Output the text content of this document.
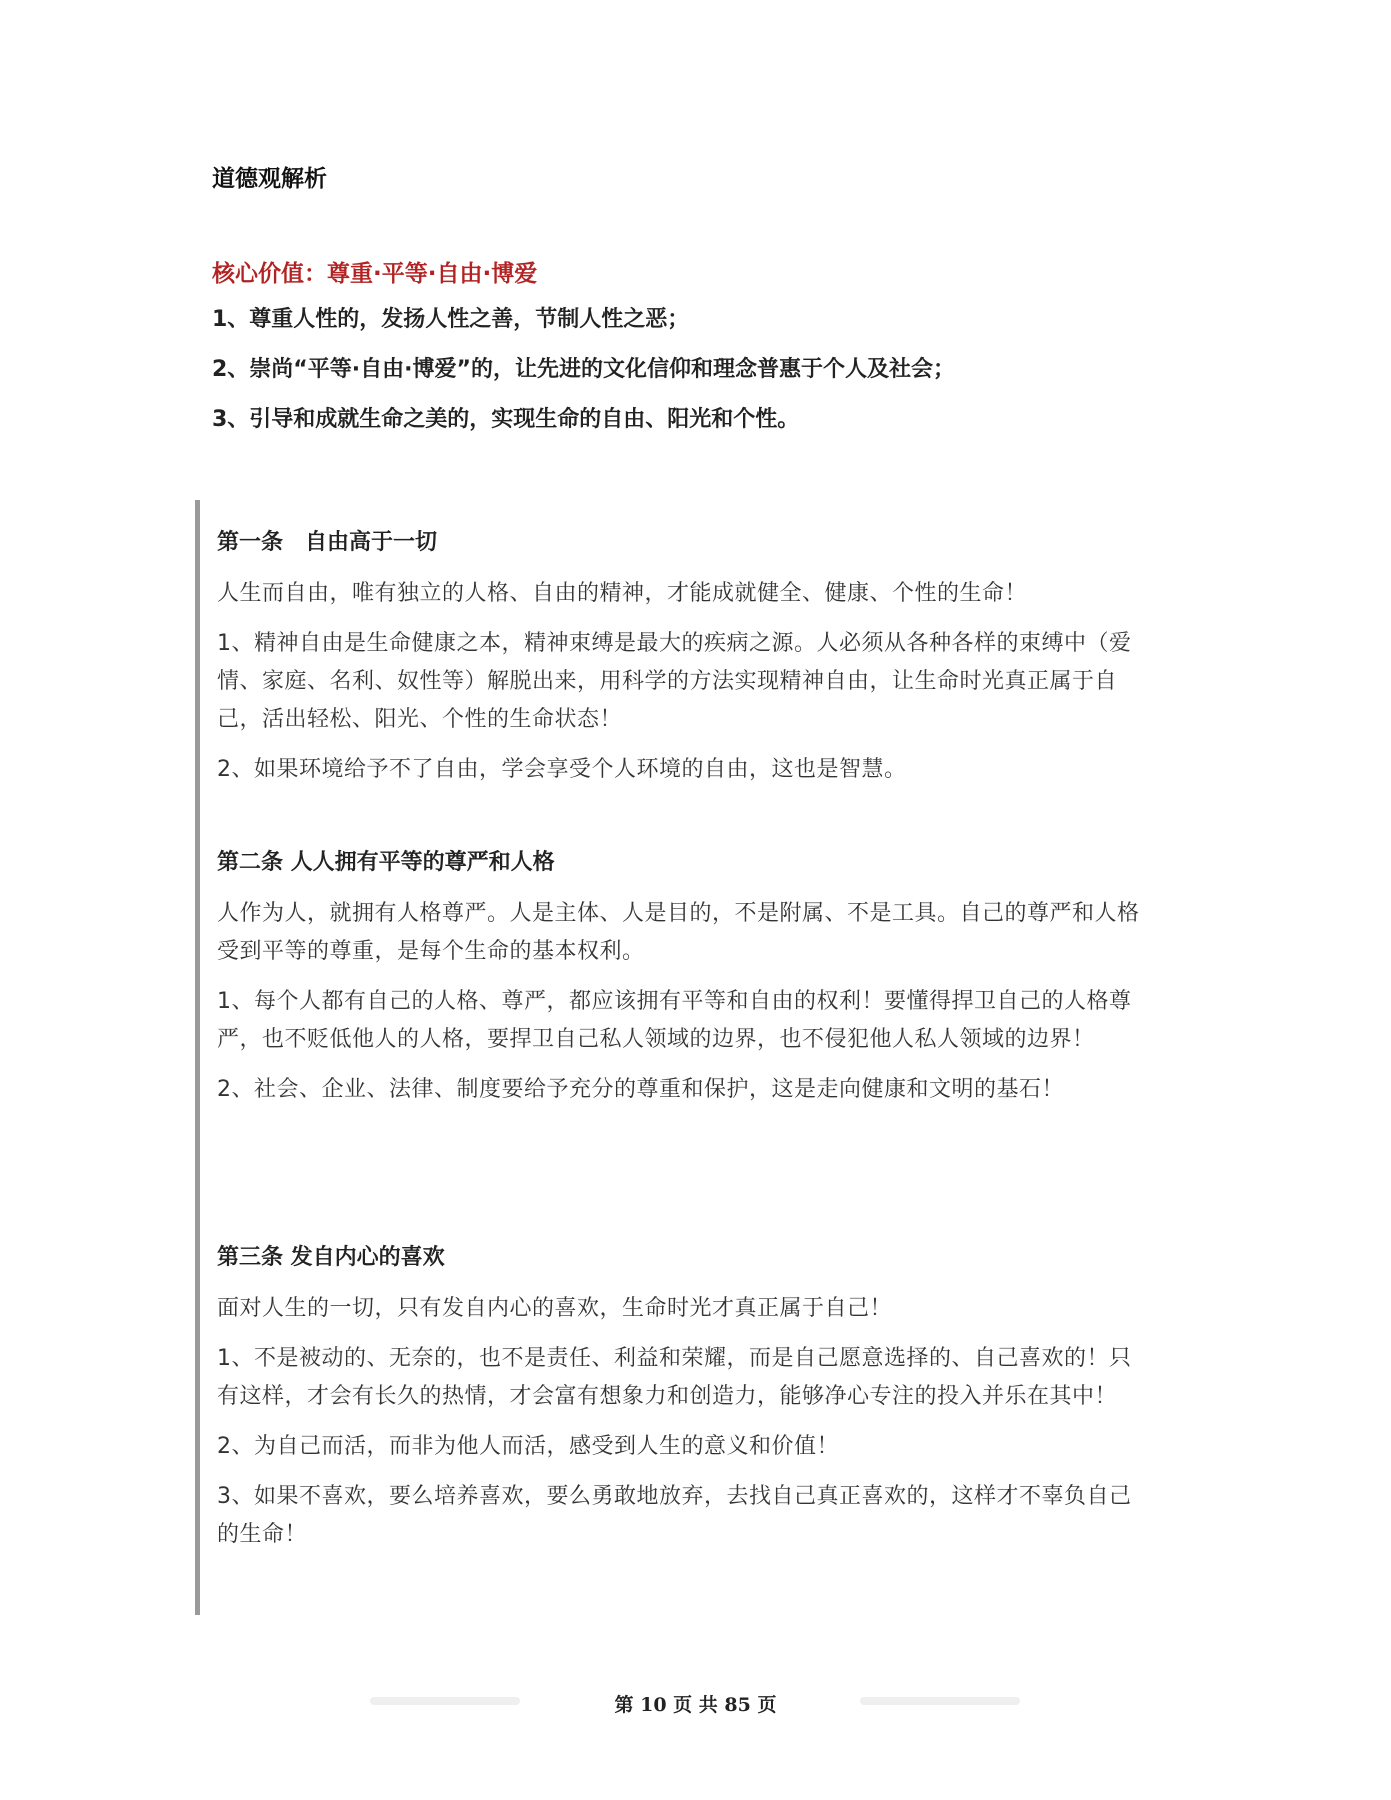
道德观解析
核心价值：尊重·平等·自由·博爱
1、尊重人性的，发扬人性之善，节制人性之恶；
2、崇尚“平等·自由·博爱”的，让先进的文化信仰和理念普惠于个人及社会；
3、引导和成就生命之美的，实现生命的自由、阳光和个性。
第一条　自由高于一切
人生而自由，唯有独立的人格、自由的精神，才能成就健全、健康、个性的生命！
1、精神自由是生命健康之本，精神束缚是最大的疾病之源。人必须从各种各样的束缚中（爱情、家庭、名利、奴性等）解脱出来，用科学的方法实现精神自由，让生命时光真正属于自己，活出轻松、阳光、个性的生命状态！
2、如果环境给予不了自由，学会享受个人环境的自由，这也是智慧。
第二条 人人拥有平等的尊严和人格
人作为人，就拥有人格尊严。人是主体、人是目的，不是附属、不是工具。自己的尊严和人格受到平等的尊重，是每个生命的基本权利。
1、每个人都有自己的人格、尊严，都应该拥有平等和自由的权利！要懂得捍卫自己的人格尊严，也不贬低他人的人格，要捍卫自己私人领域的边界，也不侵犯他人私人领域的边界！
2、社会、企业、法律、制度要给予充分的尊重和保护，这是走向健康和文明的基石！
第三条 发自内心的喜欢
面对人生的一切，只有发自内心的喜欢，生命时光才真正属于自己！
1、不是被动的、无奈的，也不是责任、利益和荣耀，而是自己愿意选择的、自己喜欢的！只有这样，才会有长久的热情，才会富有想象力和创造力，能够净心专注的投入并乐在其中！
2、为自己而活，而非为他人而活，感受到人生的意义和价值！
3、如果不喜欢，要么培养喜欢，要么勇敢地放弃，去找自己真正喜欢的，这样才不辜负自己的生命！
第 10 页 共 85 页
